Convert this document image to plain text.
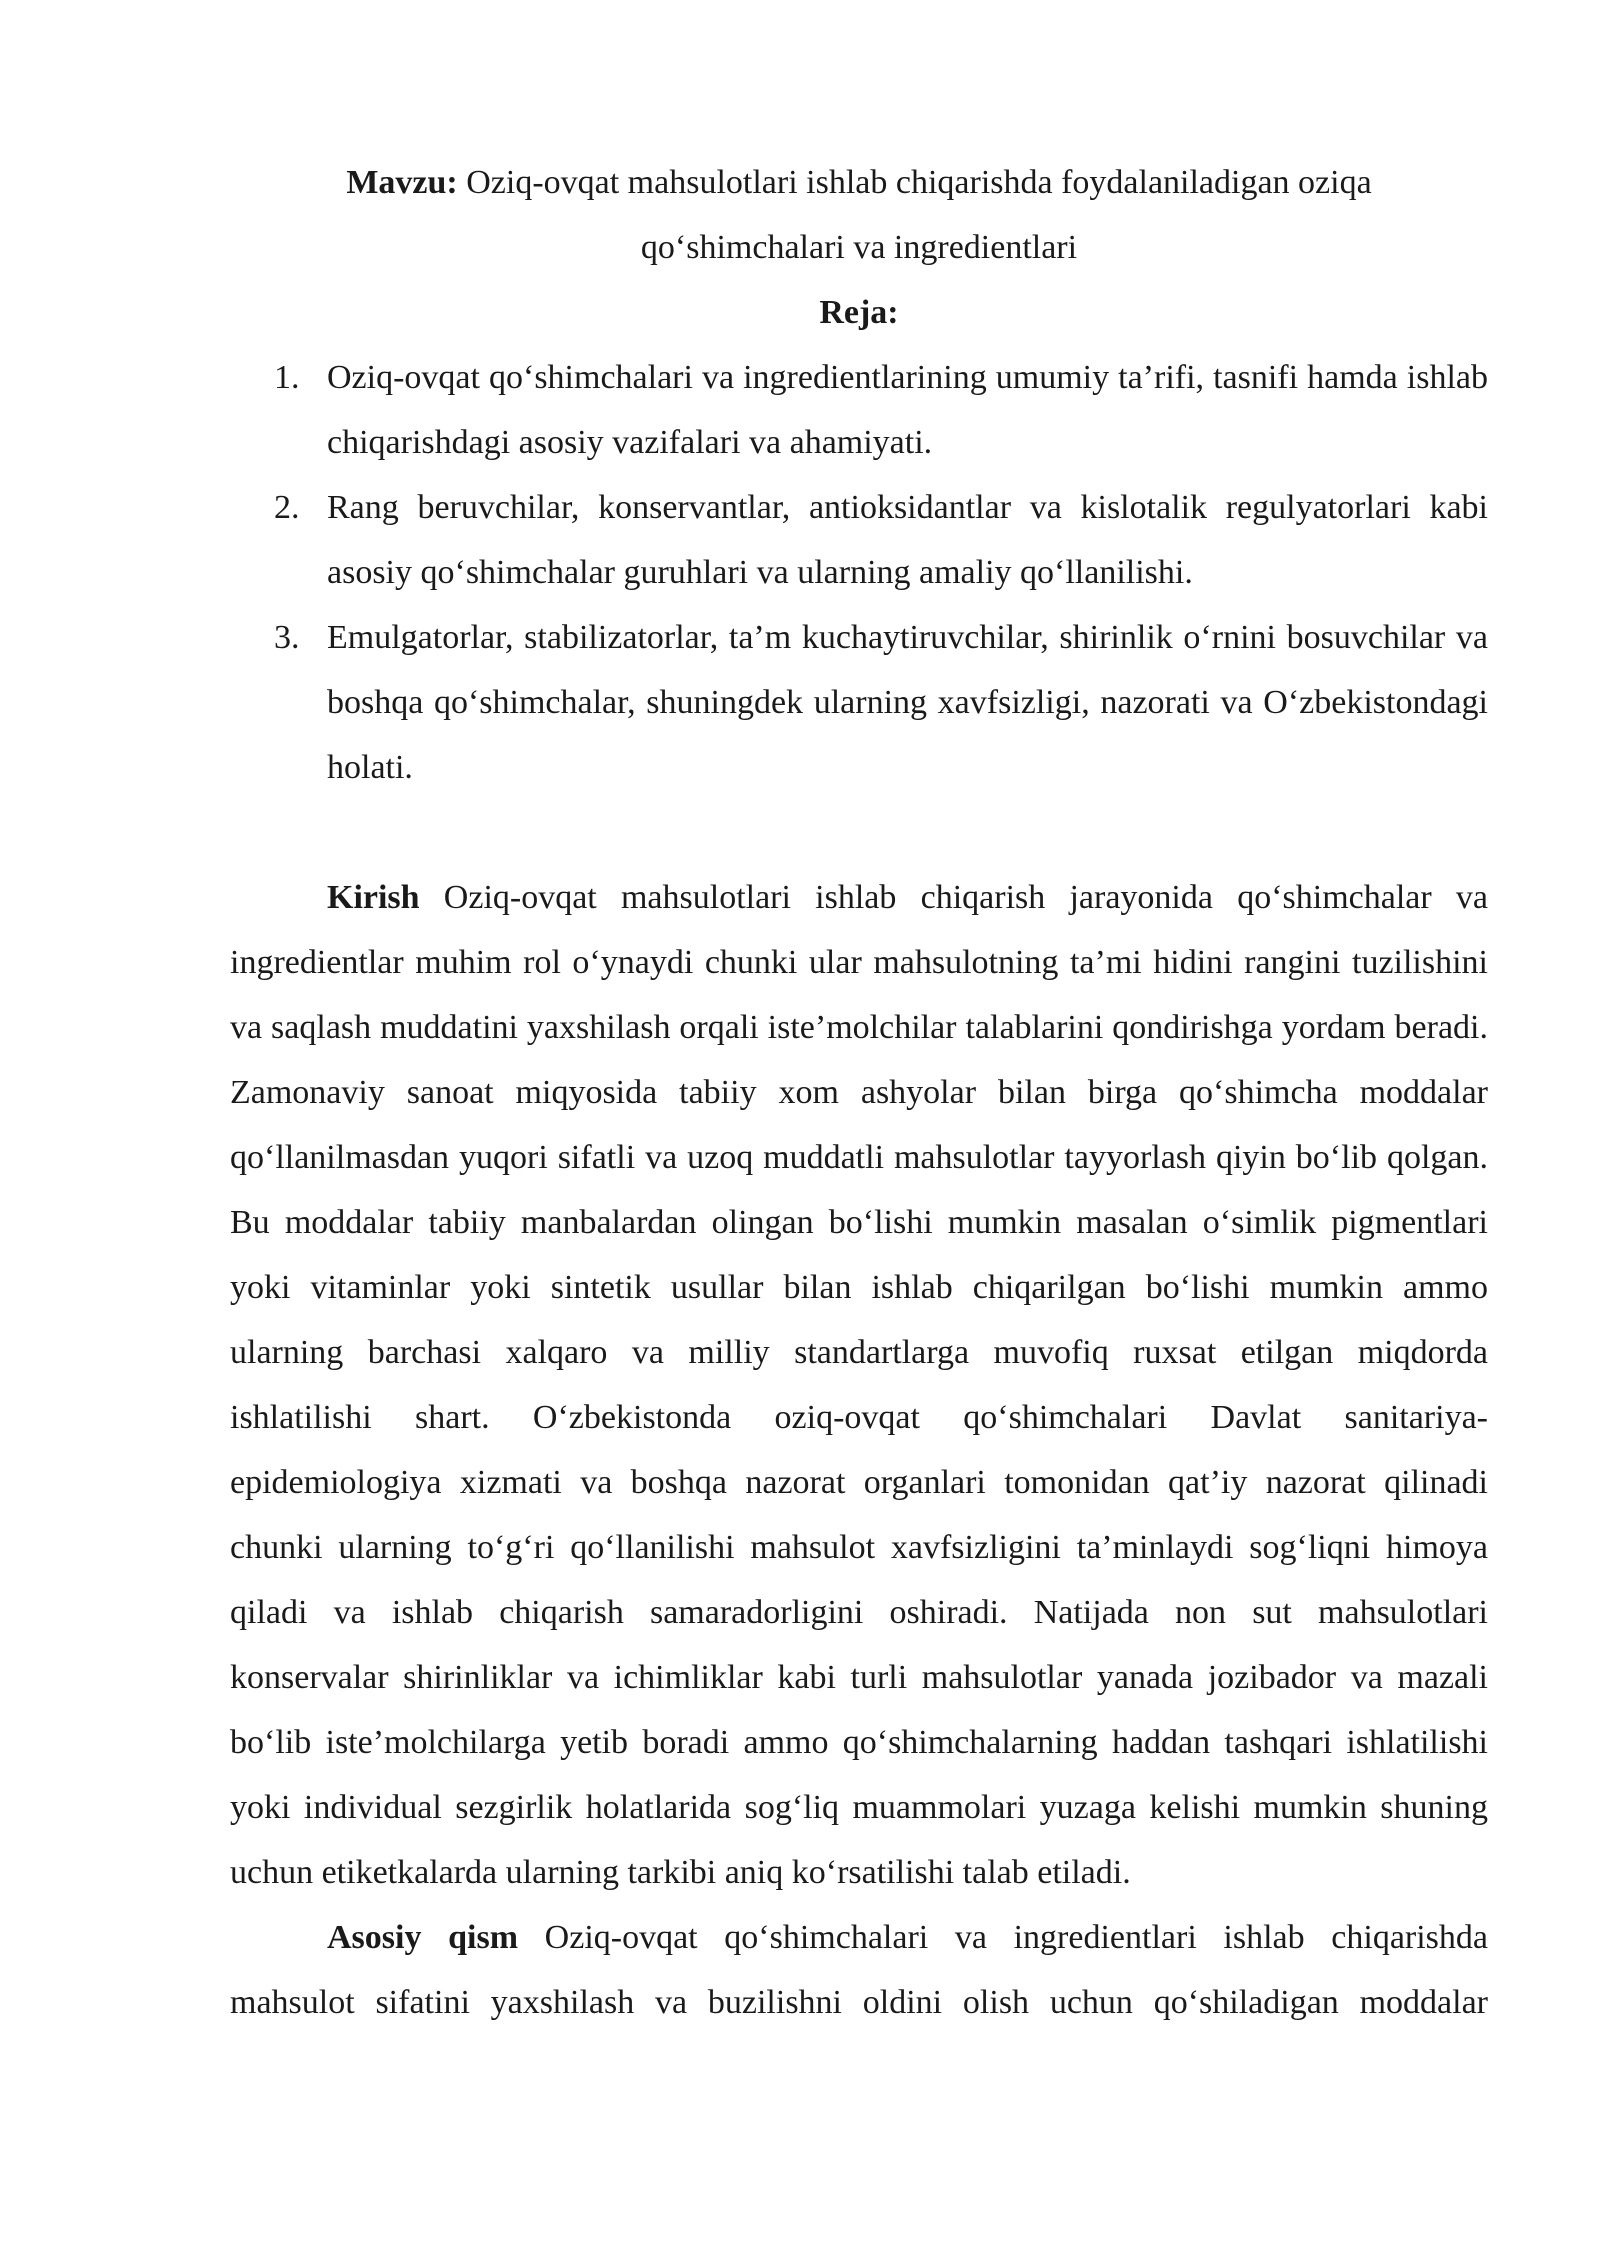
Mavzu: Oziq-ovqat mahsulotlari ishlab chiqarishda foydalaniladigan oziqa

qo‘shimchalari va ingredientlari

Reja:

1. Oziq-ovqat qo‘shimchalari va ingredientlarining umumiy ta’rifi, tasnifi hamda ishlab chiqarishdagi asosiy vazifalari va ahamiyati.
2. Rang beruvchilar, konservantlar, antioksidantlar va kislotalik regulyatorlari kabi asosiy qo‘shimchalar guruhlari va ularning amaliy qo‘llanilishi.
3. Emulgatorlar, stabilizatorlar, ta’m kuchaytiruvchilar, shirinlik o‘rnini bosuvchilar va boshqa qo‘shimchalar, shuningdek ularning xavfsizligi, nazorati va O‘zbekistondagi holati.

Kirish Oziq-ovqat mahsulotlari ishlab chiqarish jarayonida qo‘shimchalar va ingredientlar muhim rol o‘ynaydi chunki ular mahsulotning ta’mi hidini rangini tuzilishini va saqlash muddatini yaxshilash orqali iste’molchilar talablarini qondirishga yordam beradi. Zamonaviy sanoat miqyosida tabiiy xom ashyolar bilan birga qo‘shimcha moddalar qo‘llanilmasdan yuqori sifatli va uzoq muddatli mahsulotlar tayyorlash qiyin bo‘lib qolgan. Bu moddalar tabiiy manbalardan olingan bo‘lishi mumkin masalan o‘simlik pigmentlari yoki vitaminlar yoki sintetik usullar bilan ishlab chiqarilgan bo‘lishi mumkin ammo ularning barchasi xalqaro va milliy standartlarga muvofiq ruxsat etilgan miqdorda ishlatilishi shart. O‘zbekistonda oziq-ovqat qo‘shimchalari Davlat sanitariya-epidemiologiya xizmati va boshqa nazorat organlari tomonidan qat’iy nazorat qilinadi chunki ularning to‘g‘ri qo‘llanilishi mahsulot xavfsizligini ta’minlaydi sog‘liqni himoya qiladi va ishlab chiqarish samaradorligini oshiradi. Natijada non sut mahsulotlari konservalar shirinliklar va ichimliklar kabi turli mahsulotlar yanada jozibador va mazali bo‘lib iste’molchilarga yetib boradi ammo qo‘shimchalarning haddan tashqari ishlatilishi yoki individual sezgirlik holatlarida sog‘liq muammolari yuzaga kelishi mumkin shuning uchun etiketkalarda ularning tarkibi aniq ko‘rsatilishi talab etiladi.

Asosiy qism Oziq-ovqat qo‘shimchalari va ingredientlari ishlab chiqarishda mahsulot sifatini yaxshilash va buzilishni oldini olish uchun qo‘shiladigan moddalar
